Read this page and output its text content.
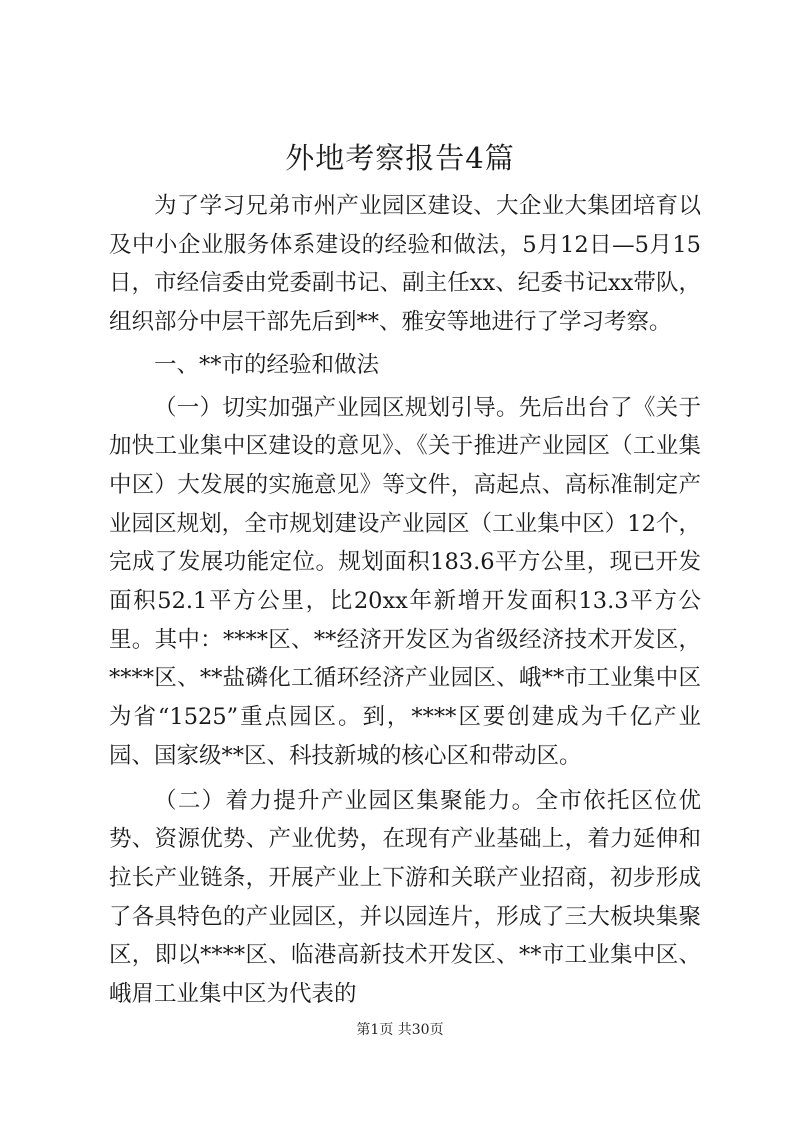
外地考察报告4篇

为了学习兄弟市州产业园区建设、大企业大集团培育以及中小企业服务体系建设的经验和做法，5月12日—5月15日，市经信委由党委副书记、副主任xx、纪委书记xx带队，组织部分中层干部先后到**、雅安等地进行了学习考察。

一、**市的经验和做法

（一）切实加强产业园区规划引导。先后出台了《关于加快工业集中区建设的意见》、《关于推进产业园区（工业集中区）大发展的实施意见》等文件，高起点、高标准制定产业园区规划，全市规划建设产业园区（工业集中区）12个，完成了发展功能定位。规划面积183.6平方公里，现已开发面积52.1平方公里，比20xx年新增开发面积13.3平方公里。其中：****区、**经济开发区为省级经济技术开发区，****区、**盐磷化工循环经济产业园区、峨**市工业集中区为省“1525”重点园区。到，****区要创建成为千亿产业园、国家级**区、科技新城的核心区和带动区。

（二）着力提升产业园区集聚能力。全市依托区位优势、资源优势、产业优势，在现有产业基础上，着力延伸和拉长产业链条，开展产业上下游和关联产业招商，初步形成了各具特色的产业园区，并以园连片，形成了三大板块集聚区，即以****区、临港高新技术开发区、**市工业集中区、峨眉工业集中区为代表的

第1页 共30页
